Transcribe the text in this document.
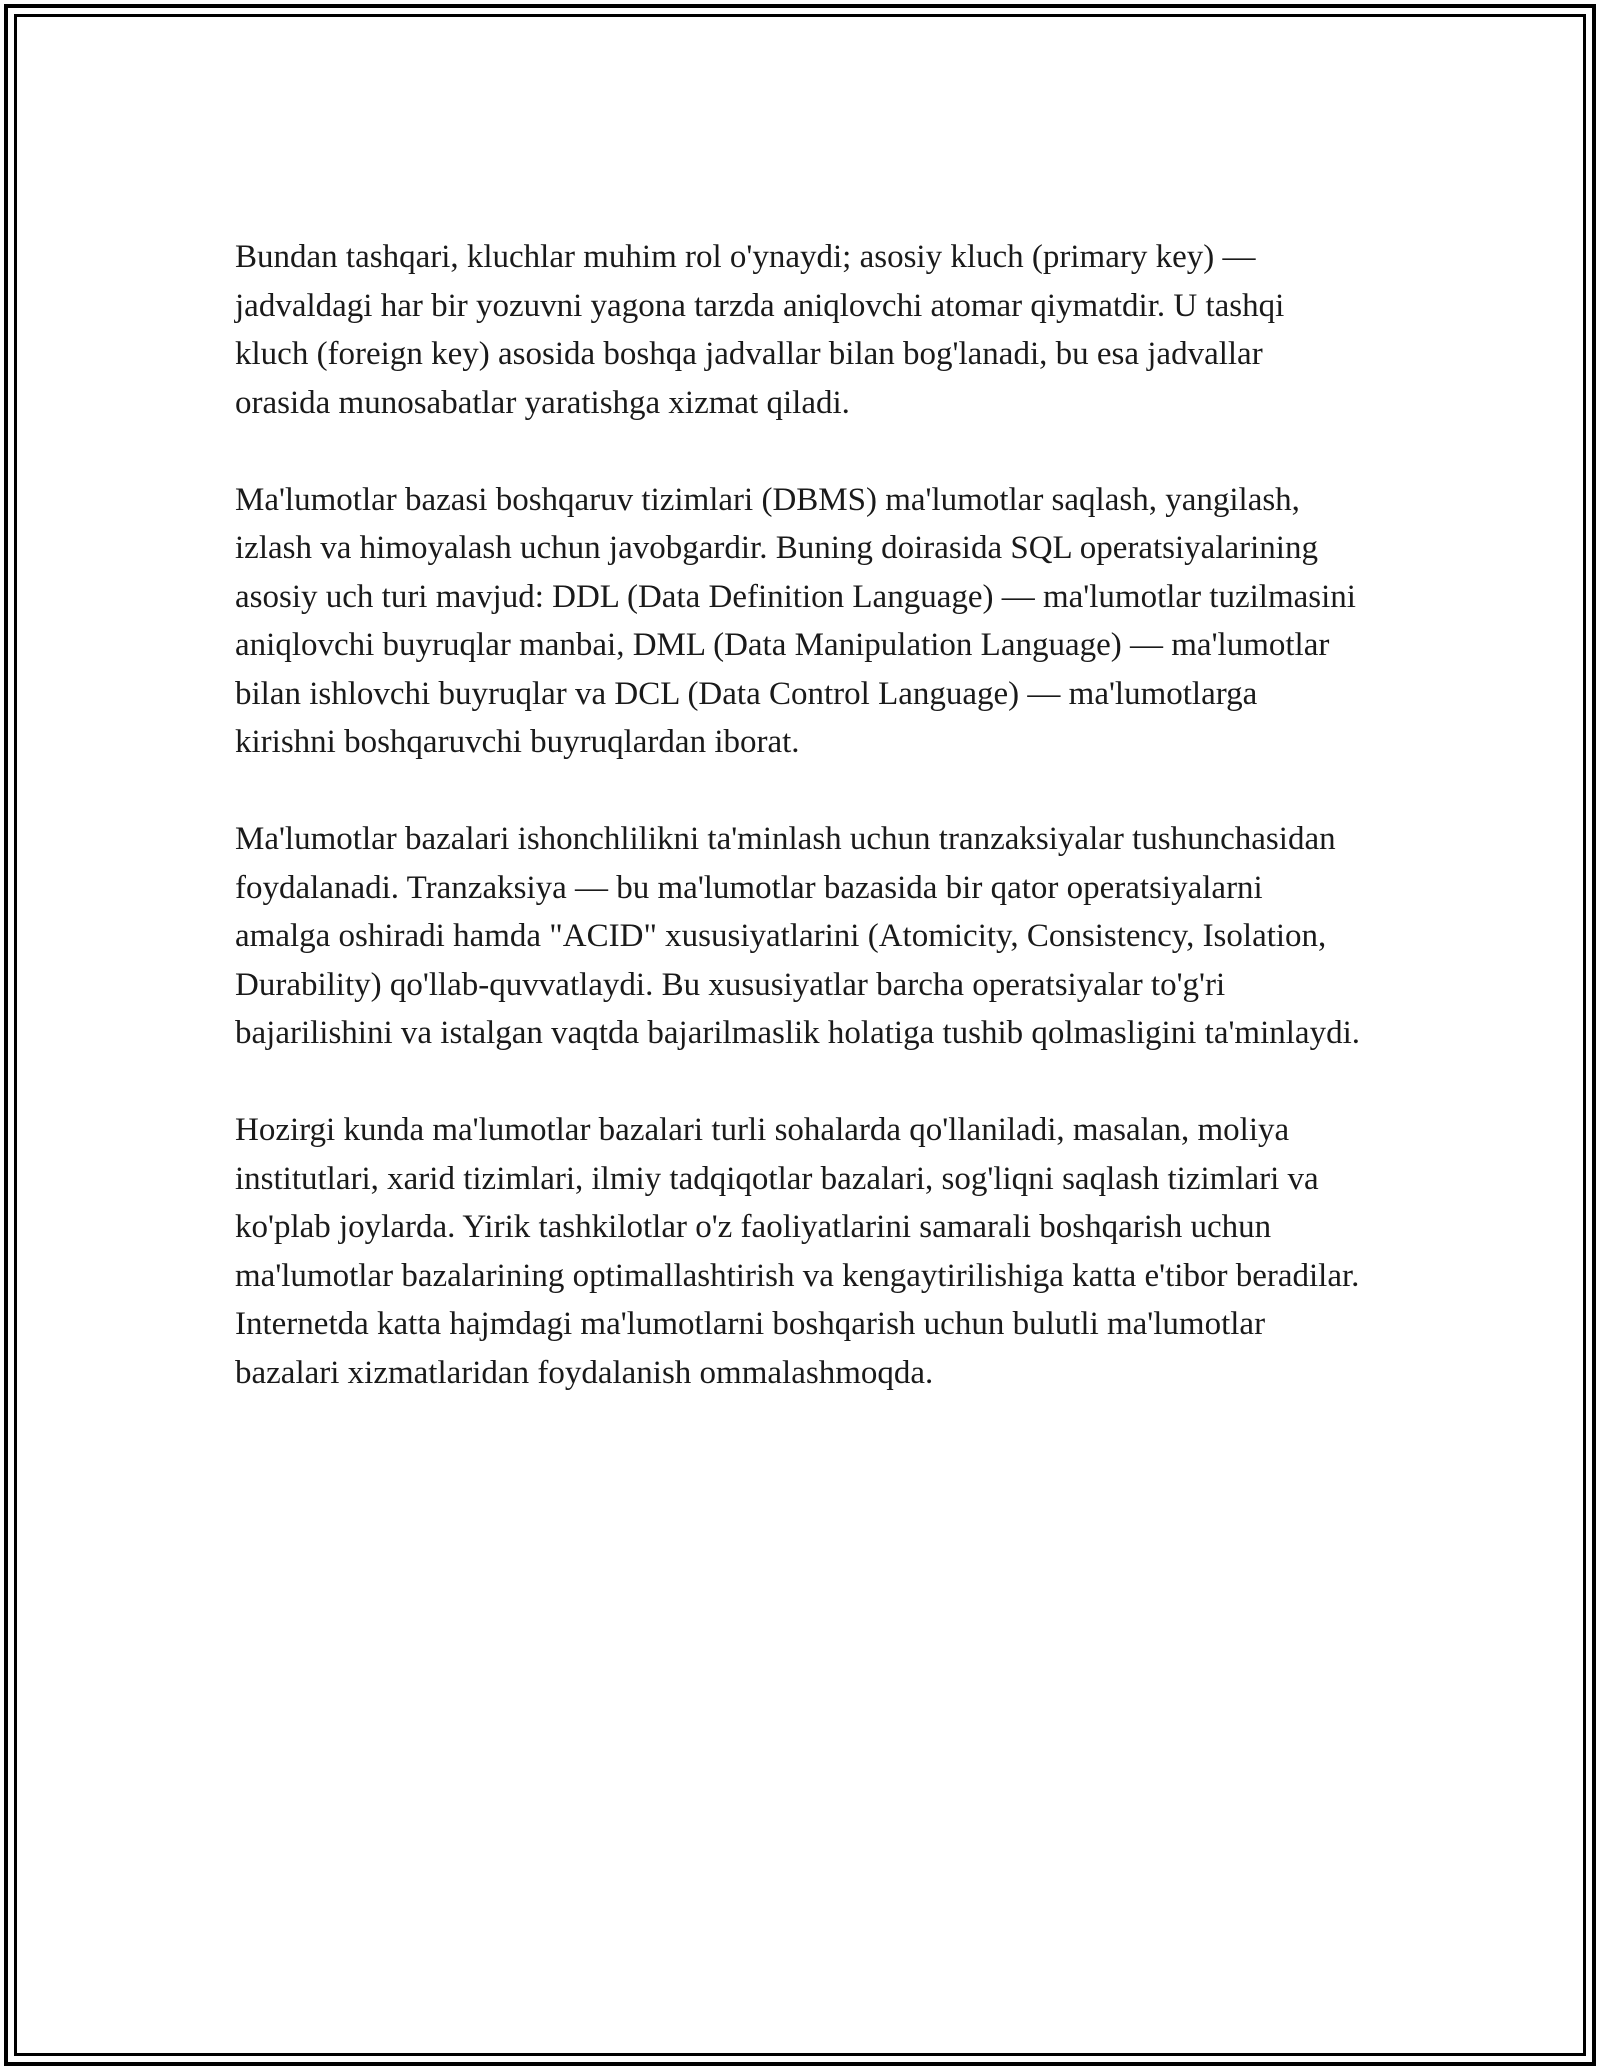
Bundan tashqari, kluchlar muhim rol o'ynaydi; asosiy kluch (primary key) — jadvaldagi har bir yozuvni yagona tarzda aniqlovchi atomar qiymatdir. U tashqi kluch (foreign key) asosida boshqa jadvallar bilan bog'lanadi, bu esa jadvallar orasida munosabatlar yaratishga xizmat qiladi.

Ma'lumotlar bazasi boshqaruv tizimlari (DBMS) ma'lumotlar saqlash, yangilash, izlash va himoyalash uchun javobgardir. Buning doirasida SQL operatsiyalarining asosiy uch turi mavjud: DDL (Data Definition Language) — ma'lumotlar tuzilmasini aniqlovchi buyruqlar manbai, DML (Data Manipulation Language) — ma'lumotlar bilan ishlovchi buyruqlar va DCL (Data Control Language) — ma'lumotlarga kirishni boshqaruvchi buyruqlardan iborat.

Ma'lumotlar bazalari ishonchlilikni ta'minlash uchun tranzaksiyalar tushunchasidan foydalanadi. Tranzaksiya — bu ma'lumotlar bazasida bir qator operatsiyalarni amalga oshiradi hamda "ACID" xususiyatlarini (Atomicity, Consistency, Isolation, Durability) qo'llab-quvvatlaydi. Bu xususiyatlar barcha operatsiyalar to'g'ri bajarilishini va istalgan vaqtda bajarilmaslik holatiga tushib qolmasligini ta'minlaydi.

Hozirgi kunda ma'lumotlar bazalari turli sohalarda qo'llaniladi, masalan, moliya institutlari, xarid tizimlari, ilmiy tadqiqotlar bazalari, sog'liqni saqlash tizimlari va ko'plab joylarda. Yirik tashkilotlar o'z faoliyatlarini samarali boshqarish uchun ma'lumotlar bazalarining optimallashtirish va kengaytirilishiga katta e'tibor beradilar. Internetda katta hajmdagi ma'lumotlarni boshqarish uchun bulutli ma'lumotlar bazalari xizmatlaridan foydalanish ommalashmoqda.
